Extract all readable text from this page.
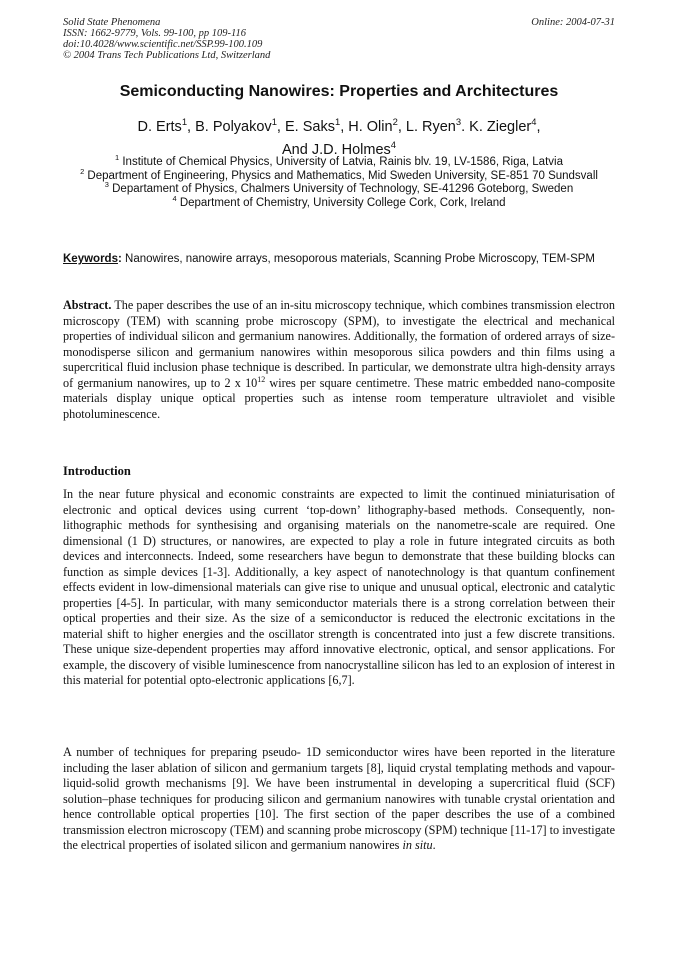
Solid State Phenomena
ISSN: 1662-9779, Vols. 99-100, pp 109-116
doi:10.4028/www.scientific.net/SSP.99-100.109
© 2004 Trans Tech Publications Ltd, Switzerland
Online: 2004-07-31
Semiconducting Nanowires: Properties and Architectures
D. Erts$^1$, B. Polyakov$^1$, E. Saks$^1$, H. Olin$^2$, L. Ryen$^3$. K. Ziegler$^4$,
And J.D. Holmes$^4$
$^1$ Institute of Chemical Physics, University of Latvia, Rainis blv. 19, LV-1586, Riga, Latvia
$^2$ Department of Engineering, Physics and Mathematics, Mid Sweden University, SE-851 70 Sundsvall
$^3$ Departament of Physics, Chalmers University of Technology, SE-41296 Goteborg, Sweden
$^4$ Department of Chemistry, University College Cork, Cork, Ireland
Keywords: Nanowires, nanowire arrays, mesoporous materials, Scanning Probe Microscopy, TEM-SPM
Abstract. The paper describes the use of an in-situ microscopy technique, which combines transmission electron microscopy (TEM) with scanning probe microscopy (SPM), to investigate the electrical and mechanical properties of individual silicon and germanium nanowires. Additionally, the formation of ordered arrays of size-monodisperse silicon and germanium nanowires within mesoporous silica powders and thin films using a supercritical fluid inclusion phase technique is described. In particular, we demonstrate ultra high-density arrays of germanium nanowires, up to 2 x $10^{12}$ wires per square centimetre. These matric embedded nano-composite materials display unique optical properties such as intense room temperature ultraviolet and visible photoluminescence.
Introduction
In the near future physical and economic constraints are expected to limit the continued miniaturisation of electronic and optical devices using current ‘top-down’ lithography-based methods. Consequently, non-lithographic methods for synthesising and organising materials on the nanometre-scale are required. One dimensional (1 D) structures, or nanowires, are expected to play a role in future integrated circuits as both devices and interconnects. Indeed, some researchers have begun to demonstrate that these building blocks can function as simple devices [1-3]. Additionally, a key aspect of nanotechnology is that quantum confinement effects evident in low-dimensional materials can give rise to unique and unusual optical, electronic and catalytic properties [4-5]. In particular, with many semiconductor materials there is a strong correlation between their optical properties and their size. As the size of a semiconductor is reduced the electronic excitations in the material shift to higher energies and the oscillator strength is concentrated into just a few discrete transitions. These unique size-dependent properties may afford innovative electronic, optical, and sensor applications. For example, the discovery of visible luminescence from nanocrystalline silicon has led to an explosion of interest in this material for potential opto-electronic applications [6,7].
A number of techniques for preparing pseudo- 1D semiconductor wires have been reported in the literature including the laser ablation of silicon and germanium targets [8], liquid crystal templating methods and vapour-liquid-solid growth mechanisms [9]. We have been instrumental in developing a supercritical fluid (SCF) solution–phase techniques for producing silicon and germanium nanowires with tunable crystal orientation and hence controllable optical properties [10]. The first section of the paper describes the use of a combined transmission electron microscopy (TEM) and scanning probe microscopy (SPM) technique [11-17] to investigate the electrical properties of isolated silicon and germanium nanowires in situ.
